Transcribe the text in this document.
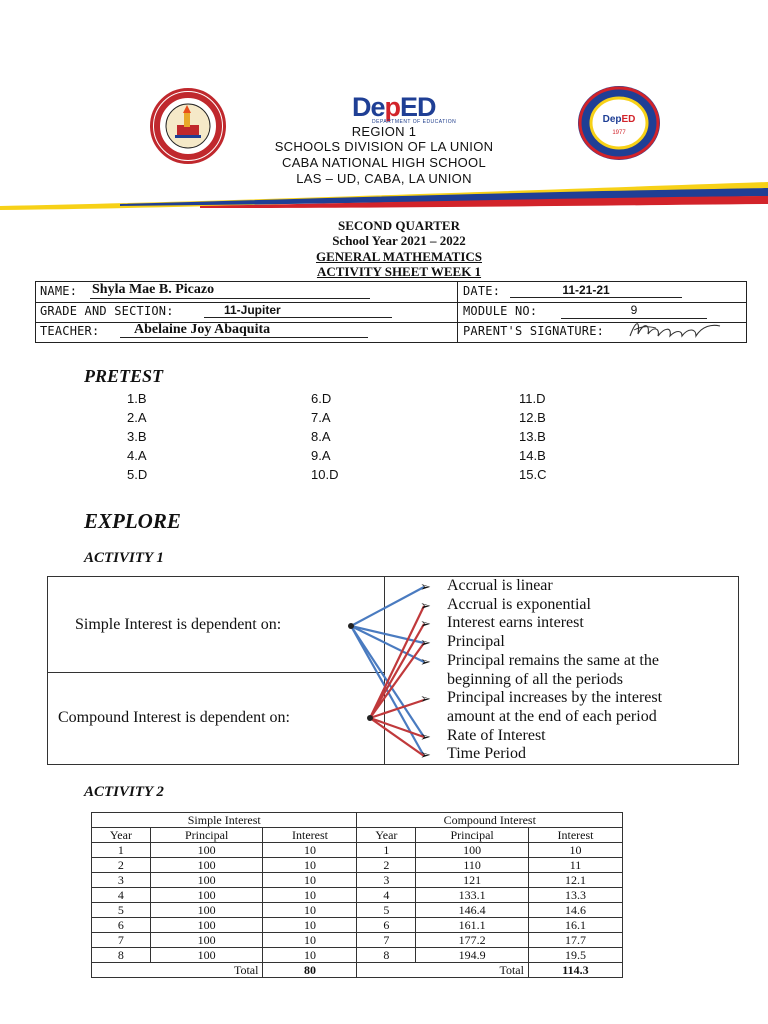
DepED
DEPARTMENT OF EDUCATION	DepED
1977
REGION 1
SCHOOLS DIVISION OF LA UNION
CABA NATIONAL HIGH SCHOOL
LAS – UD, CABA, LA UNION
SECOND QUARTER
School Year 2021 – 2022
GENERAL MATHEMATICS
ACTIVITY SHEET WEEK 1
NAME: Shyla Mae B. Picazo	DATE:	11-21-21
GRADE AND SECTION:	11-Jupiter	MODULE NO:	9
TEACHER:	Abelaine Joy Abaquita	PARENT'S SIGNATURE:
PRETEST
1.B
2.A
3.B
4.A
5.D
6.D
7.A
8.A
9.A
10.D
11.D
12.B
13.B
14.B
15.C
EXPLORE
ACTIVITY 1
Simple Interest is dependent on:
Compound Interest is dependent on:
➢ Accrual is linear
➢ Accrual is exponential
➢ Interest earns interest
➢ Principal
➢ Principal remains the same at the
beginning of all the periods
➢ Principal increases by the interest
amount at the end of each period
➢ Rate of Interest
➢ Time Period
ACTIVITY 2
Simple Interest			Compound Interest		
Year	Principal	Interest	Year	Principal	Interest
1	100	10	1	100	10
2	100	10	2	110	11
3	100	10	3	121	12.1
4	100	10	4	133.1	13.3
5	100	10	5	146.4	14.6
6	100	10	6	161.1	16.1
7	100	10	7	177.2	17.7
8	100	10	8	194.9	19.5
	Total	80		Total	114.3
